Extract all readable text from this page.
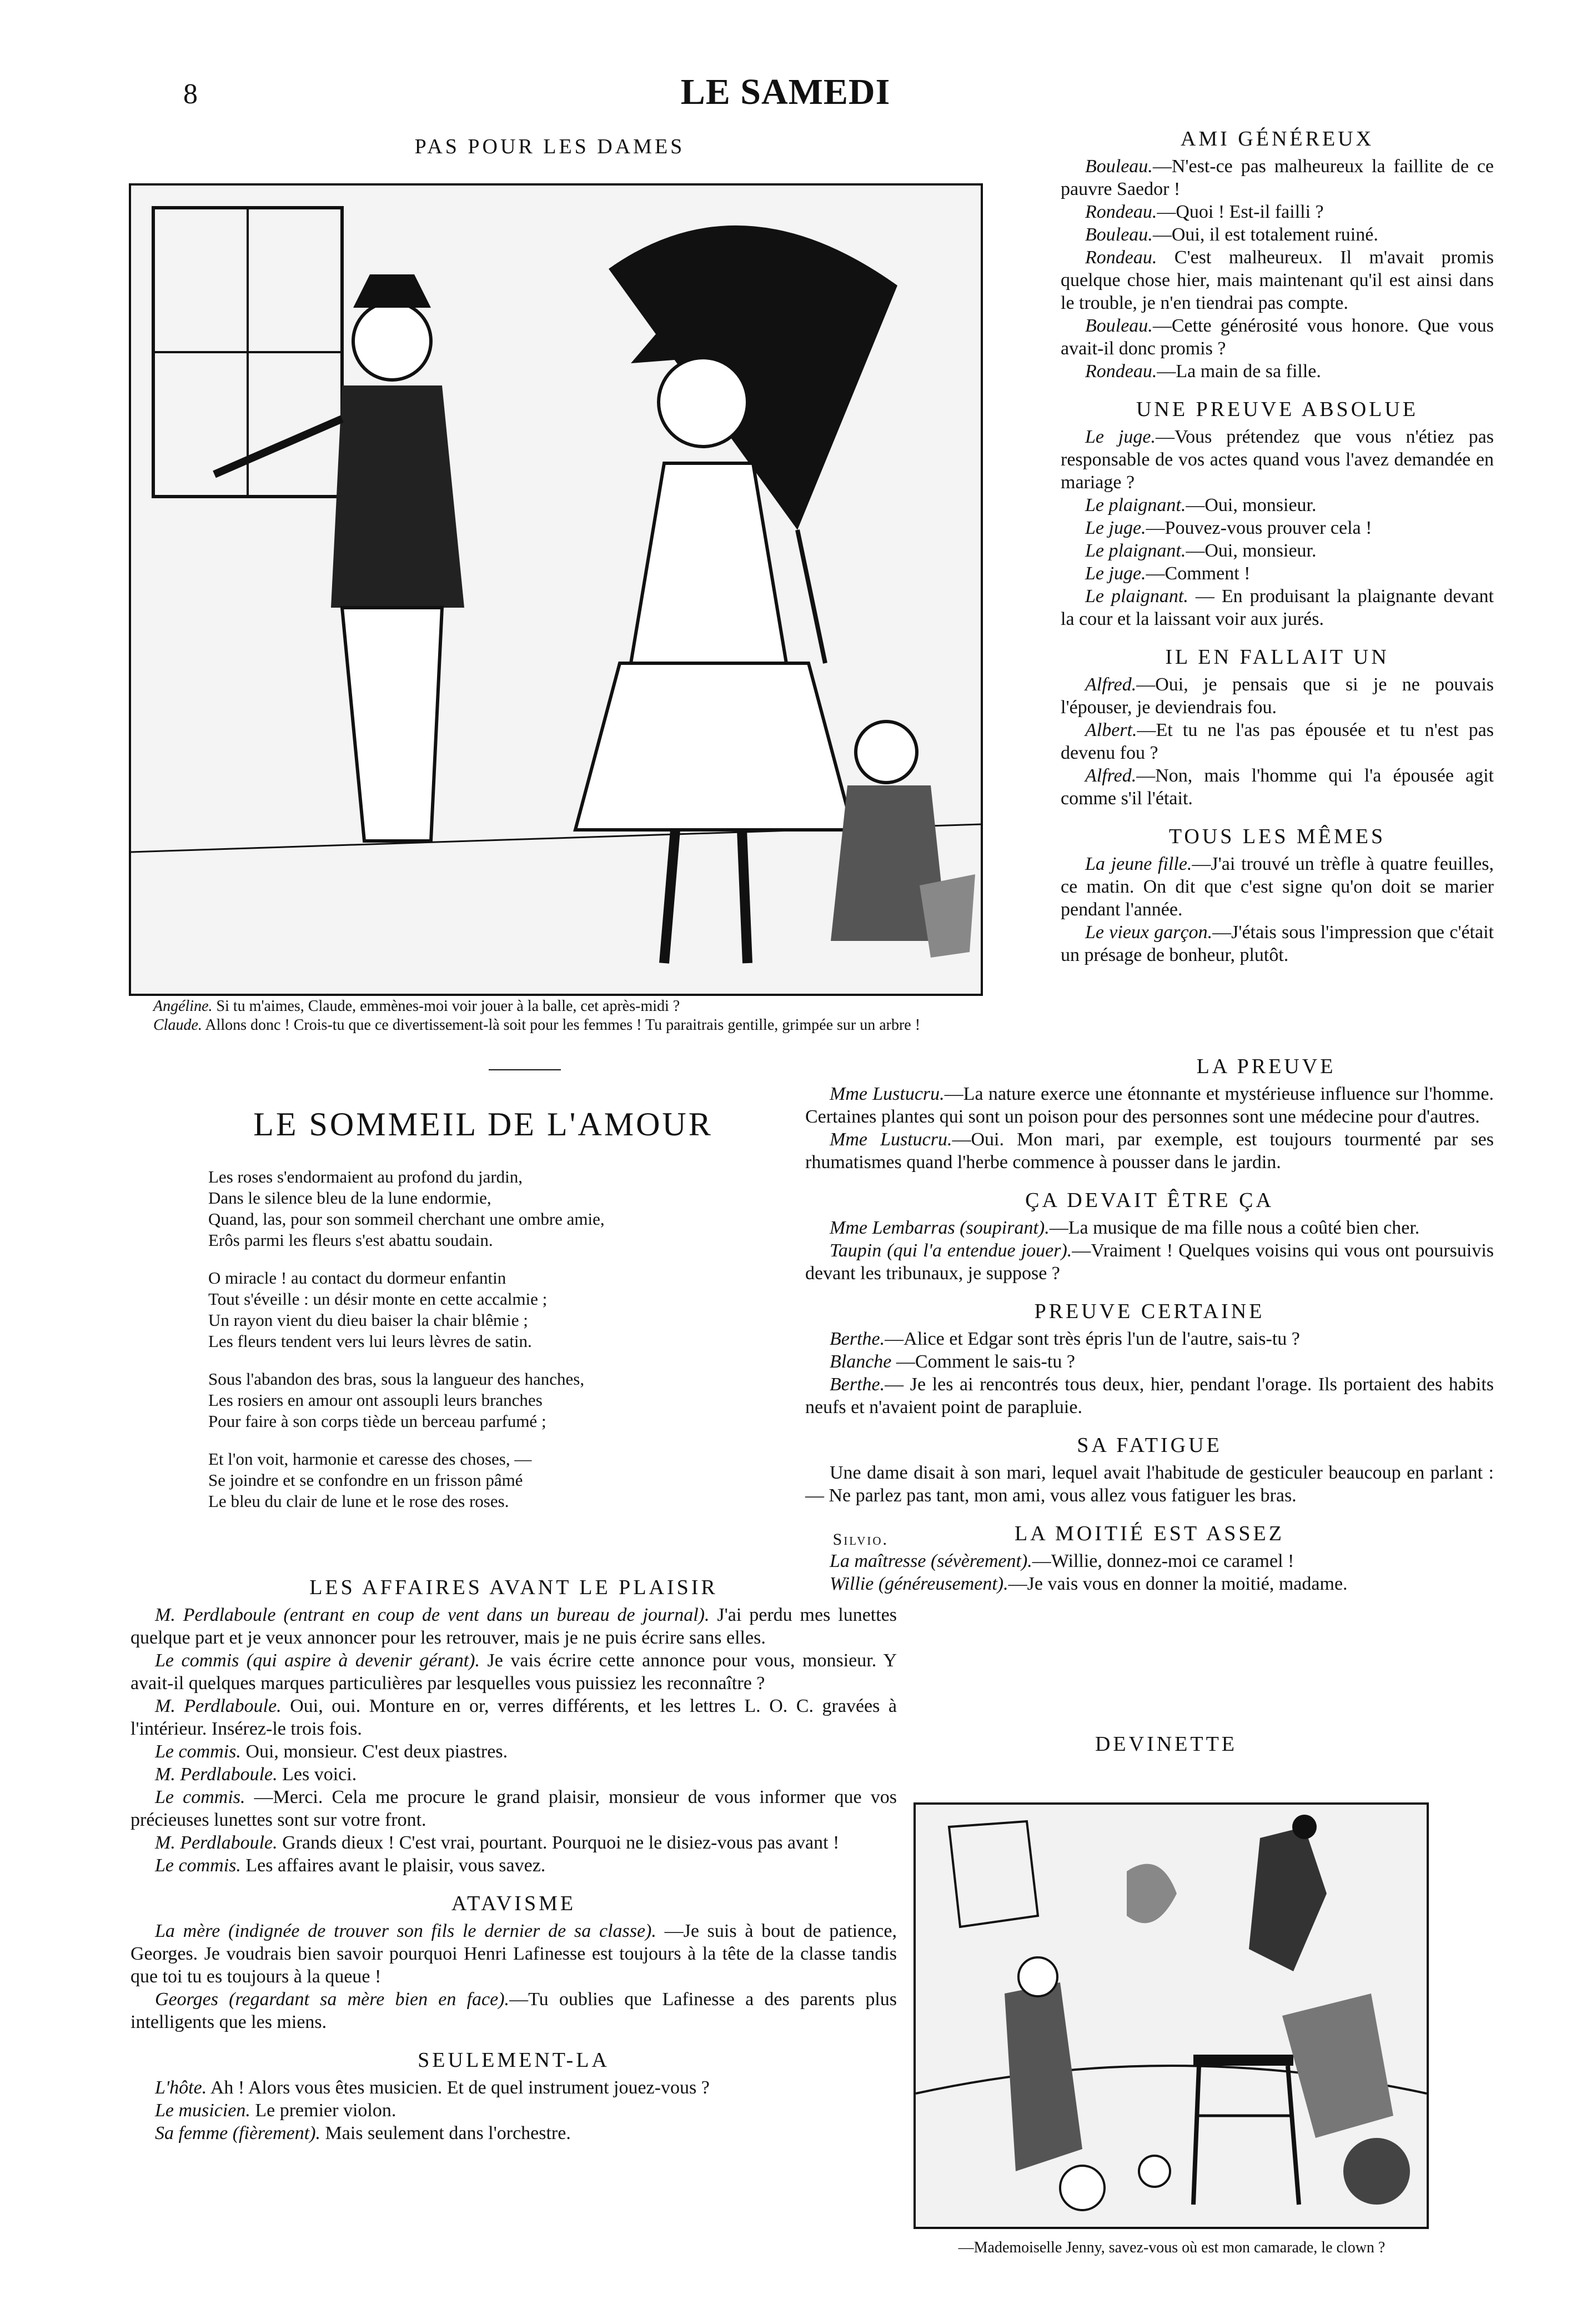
8	LE SAMEDI
PAS POUR LES DAMES
Angéline. Si tu m'aimes, Claude, emmènes-moi voir jouer à la balle, cet après-midi ?
Claude. Allons donc ! Crois-tu que ce divertissement-là soit pour les femmes ! Tu paraitrais gentille, grimpée sur un arbre !
LE SOMMEIL DE L'AMOUR
Les roses s'endormaient au profond du jardin,
Dans le silence bleu de la lune endormie,
Quand, las, pour son sommeil cherchant une ombre amie,
Erôs parmi les fleurs s'est abattu soudain.
O miracle ! au contact du dormeur enfantin
Tout s'éveille : un désir monte en cette accalmie ;
Un rayon vient du dieu baiser la chair blêmie ;
Les fleurs tendent vers lui leurs lèvres de satin.
Sous l'abandon des bras, sous la langueur des hanches,
Les rosiers en amour ont assoupli leurs branches
Pour faire à son corps tiède un berceau parfumé ;
Et l'on voit, harmonie et caresse des choses, —
Se joindre et se confondre en un frisson pâmé
Le bleu du clair de lune et le rose des roses.
Silvio.
LES AFFAIRES AVANT LE PLAISIR

M. Perdlaboule (entrant en coup de vent dans un bureau de journal). J'ai perdu mes lunettes quelque part et je veux annoncer pour les retrouver, mais je ne puis écrire sans elles.

Le commis (qui aspire à devenir gérant). Je vais écrire cette annonce pour vous, monsieur. Y avait-il quelques marques particulières par lesquelles vous puissiez les reconnaître ?

M. Perdlaboule. Oui, oui. Monture en or, verres différents, et les lettres L. O. C. gravées à l'intérieur. Insérez-le trois fois.

Le commis. Oui, monsieur. C'est deux piastres.

M. Perdlaboule. Les voici.

Le commis. —Merci. Cela me procure le grand plaisir, monsieur de vous informer que vos précieuses lunettes sont sur votre front.

M. Perdlaboule. Grands dieux ! C'est vrai, pourtant. Pourquoi ne le disiez-vous pas avant !

Le commis. Les affaires avant le plaisir, vous savez.

ATAVISME

La mère (indignée de trouver son fils le dernier de sa classe). —Je suis à bout de patience, Georges. Je voudrais bien savoir pourquoi Henri Lafinesse est toujours à la tête de la classe tandis que toi tu es toujours à la queue !

Georges (regardant sa mère bien en face).—Tu oublies que Lafinesse a des parents plus intelligents que les miens.

SEULEMENT-LA

L'hôte. Ah ! Alors vous êtes musicien. Et de quel instrument jouez-vous ?

Le musicien. Le premier violon.

Sa femme (fièrement). Mais seulement dans l'orchestre.

AMI GÉNÉREUX

Bouleau.—N'est-ce pas malheureux la faillite de ce pauvre Saedor !

Rondeau.—Quoi ! Est-il failli ?

Bouleau.—Oui, il est totalement ruiné.

Rondeau. C'est malheureux. Il m'avait promis quelque chose hier, mais maintenant qu'il est ainsi dans le trouble, je n'en tiendrai pas compte.

Bouleau.—Cette générosité vous honore. Que vous avait-il donc promis ?

Rondeau.—La main de sa fille.

UNE PREUVE ABSOLUE

Le juge.—Vous prétendez que vous n'étiez pas responsable de vos actes quand vous l'avez demandée en mariage ?

Le plaignant.—Oui, monsieur.

Le juge.—Pouvez-vous prouver cela !

Le plaignant.—Oui, monsieur.

Le juge.—Comment !

Le plaignant. — En produisant la plaignante devant la cour et la laissant voir aux jurés.

IL EN FALLAIT UN

Alfred.—Oui, je pensais que si je ne pouvais l'épouser, je deviendrais fou.

Albert.—Et tu ne l'as pas épousée et tu n'est pas devenu fou ?

Alfred.—Non, mais l'homme qui l'a épousée agit comme s'il l'était.

TOUS LES MÊMES

La jeune fille.—J'ai trouvé un trèfle à quatre feuilles, ce matin. On dit que c'est signe qu'on doit se marier pendant l'année.

Le vieux garçon.—J'étais sous l'impression que c'était un présage de bonheur, plutôt.

LA PREUVE

Mme Lustucru.—La nature exerce une étonnante et mystérieuse influence sur l'homme. Certaines plantes qui sont un poison pour des personnes sont une médecine pour d'autres.

Mme Lustucru.—Oui. Mon mari, par exemple, est toujours tourmenté par ses rhumatismes quand l'herbe commence à pousser dans le jardin.

ÇA DEVAIT ÊTRE ÇA

Mme Lembarras (soupirant).—La musique de ma fille nous a coûté bien cher.

Taupin (qui l'a entendue jouer).—Vraiment ! Quelques voisins qui vous ont poursuivis devant les tribunaux, je suppose ?

PREUVE CERTAINE

Berthe.—Alice et Edgar sont très épris l'un de l'autre, sais-tu ?

Blanche —Comment le sais-tu ?

Berthe.— Je les ai rencontrés tous deux, hier, pendant l'orage. Ils portaient des habits neufs et n'avaient point de parapluie.

SA FATIGUE

Une dame disait à son mari, lequel avait l'habitude de gesticuler beaucoup en parlant : — Ne parlez pas tant, mon ami, vous allez vous fatiguer les bras.

LA MOITIÉ EST ASSEZ

La maîtresse (sévèrement).—Willie, donnez-moi ce caramel !

Willie (généreusement).—Je vais vous en donner la moitié, madame.

DEVINETTE
—Mademoiselle Jenny, savez-vous où est mon camarade, le clown ?
